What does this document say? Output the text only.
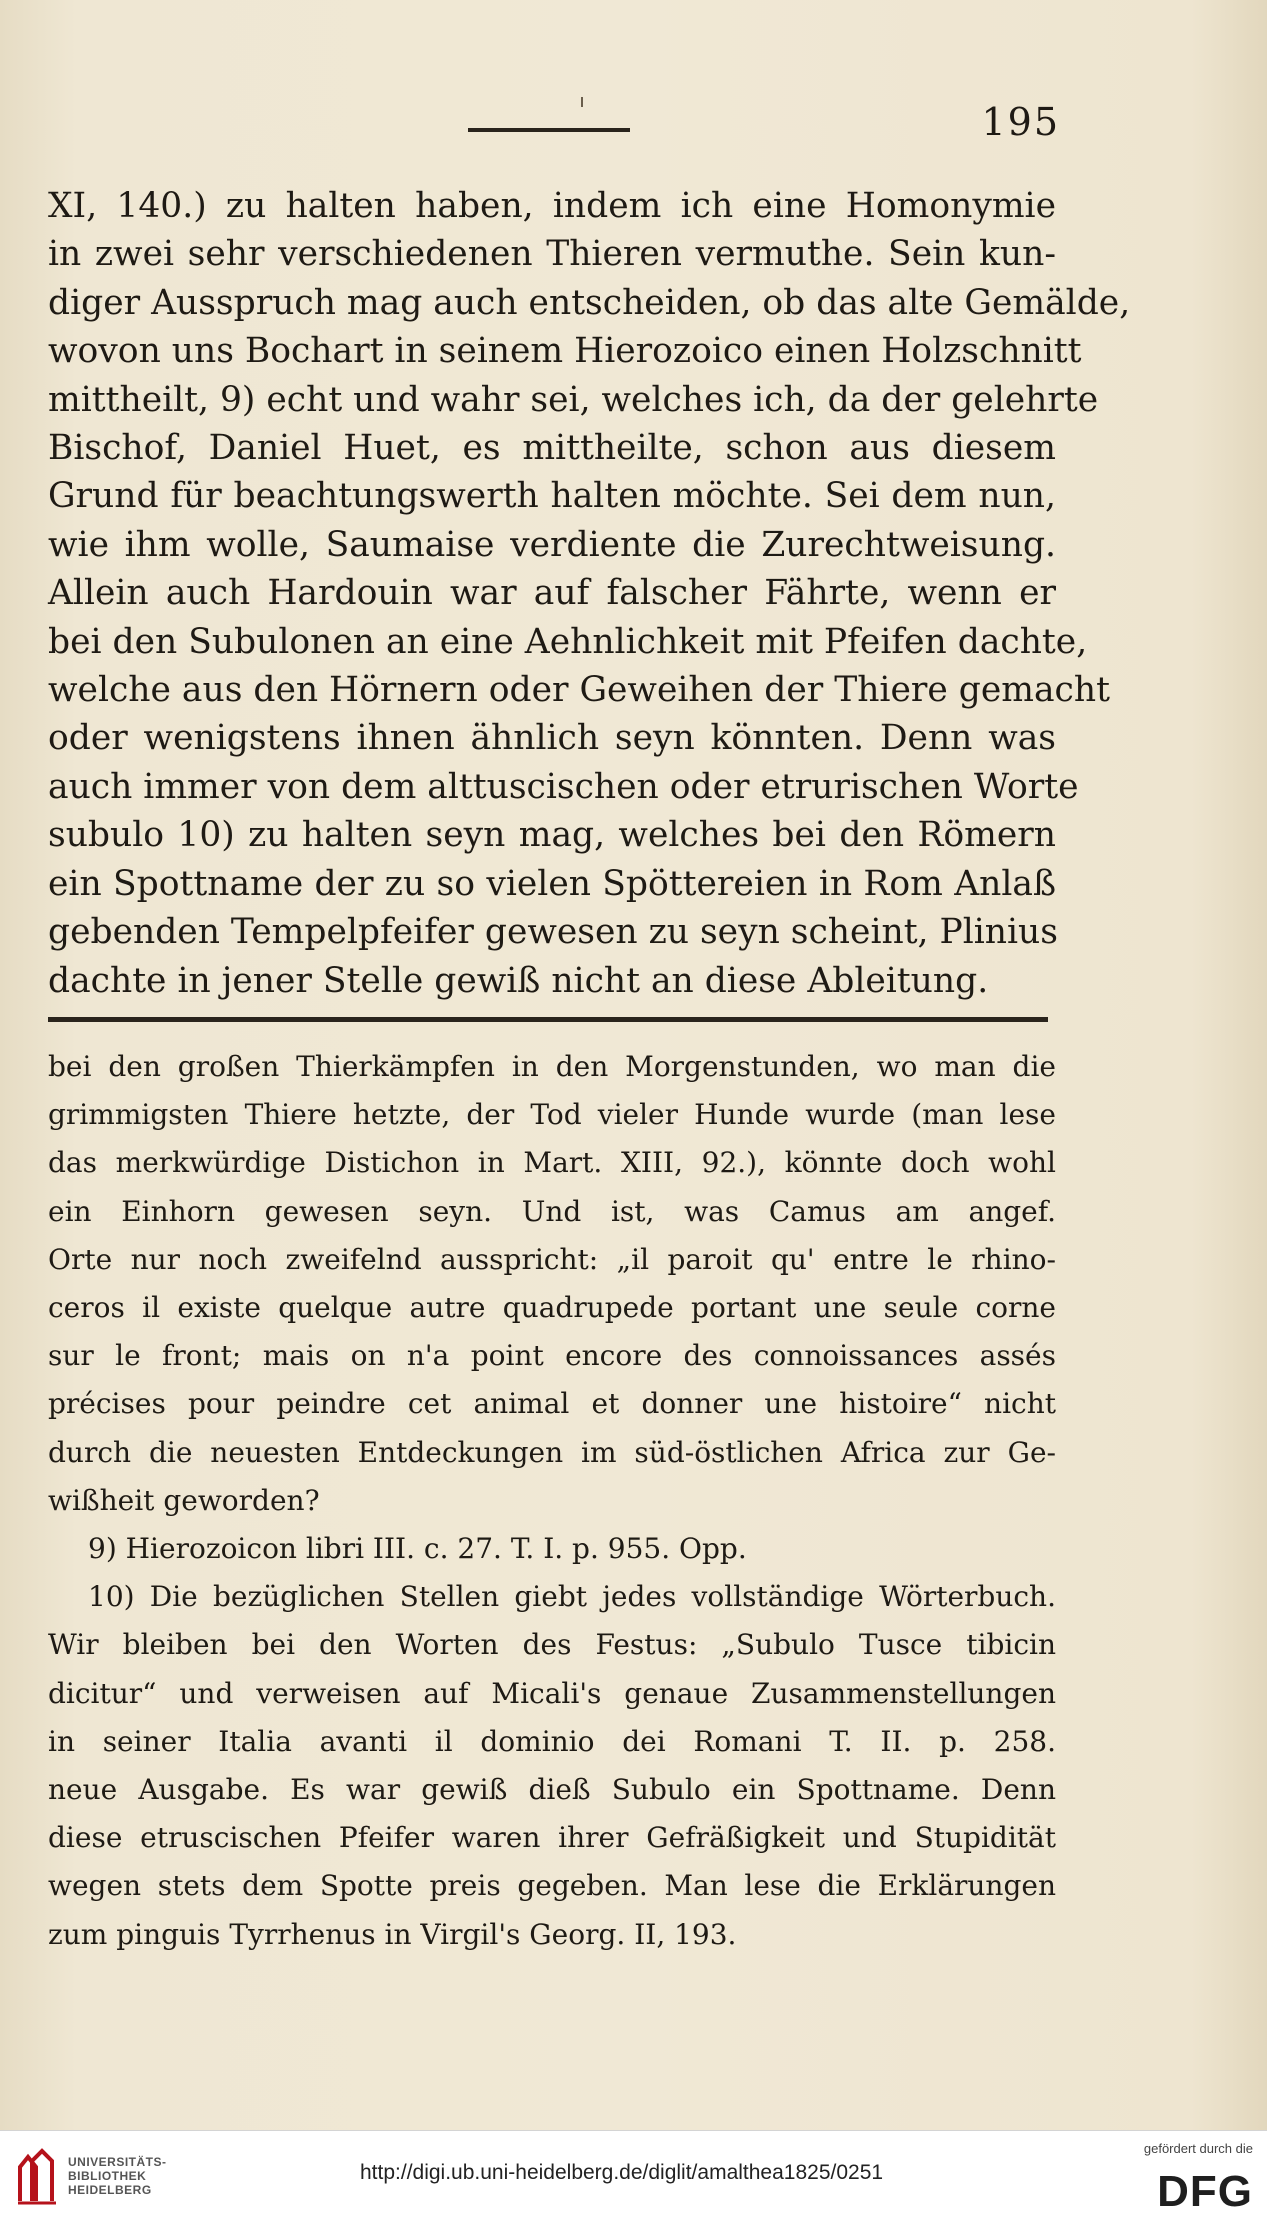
195
XI, 140.) zu halten haben, indem ich eine Homonymie
in zwei sehr verschiedenen Thieren vermuthe. Sein kun-
diger Ausspruch mag auch entscheiden, ob das alte Gemälde,
wovon uns Bochart in seinem Hierozoico einen Holzschnitt
mittheilt, 9) echt und wahr sei, welches ich, da der gelehrte
Bischof, Daniel Huet, es mittheilte, schon aus diesem
Grund für beachtungswerth halten möchte. Sei dem nun,
wie ihm wolle, Saumaise verdiente die Zurechtweisung.
Allein auch Hardouin war auf falscher Fährte, wenn er
bei den Subulonen an eine Aehnlichkeit mit Pfeifen dachte,
welche aus den Hörnern oder Geweihen der Thiere gemacht
oder wenigstens ihnen ähnlich seyn könnten. Denn was
auch immer von dem alttuscischen oder etrurischen Worte
subulo 10) zu halten seyn mag, welches bei den Römern
ein Spottname der zu so vielen Spöttereien in Rom Anlaß
gebenden Tempelpfeifer gewesen zu seyn scheint, Plinius
dachte in jener Stelle gewiß nicht an diese Ableitung.
bei den großen Thierkämpfen in den Morgenstunden, wo man die
grimmigsten Thiere hetzte, der Tod vieler Hunde wurde (man lese
das merkwürdige Distichon in Mart. XIII, 92.), könnte doch wohl
ein Einhorn gewesen seyn. Und ist, was Camus am angef.
Orte nur noch zweifelnd ausspricht: „il paroit qu' entre le rhino-
ceros il existe quelque autre quadrupede portant une seule corne
sur le front; mais on n'a point encore des connoissances assés
précises pour peindre cet animal et donner une histoire“ nicht
durch die neuesten Entdeckungen im süd-östlichen Africa zur Ge-
wißheit geworden?
9) Hierozoicon libri III. c. 27. T. I. p. 955. Opp.
10) Die bezüglichen Stellen giebt jedes vollständige Wörterbuch.
Wir bleiben bei den Worten des Festus: „Subulo Tusce tibicin
dicitur“ und verweisen auf Micali's genaue Zusammenstellungen
in seiner Italia avanti il dominio dei Romani T. II. p. 258.
neue Ausgabe. Es war gewiß dieß Subulo ein Spottname. Denn
diese etruscischen Pfeifer waren ihrer Gefräßigkeit und Stupidität
wegen stets dem Spotte preis gegeben. Man lese die Erklärungen
zum pinguis Tyrrhenus in Virgil's Georg. II, 193.
UNIVERSITÄTS-
BIBLIOTHEK
HEIDELBERG
http://digi.ub.uni-heidelberg.de/diglit/amalthea1825/0251
gefördert durch die
DFG
